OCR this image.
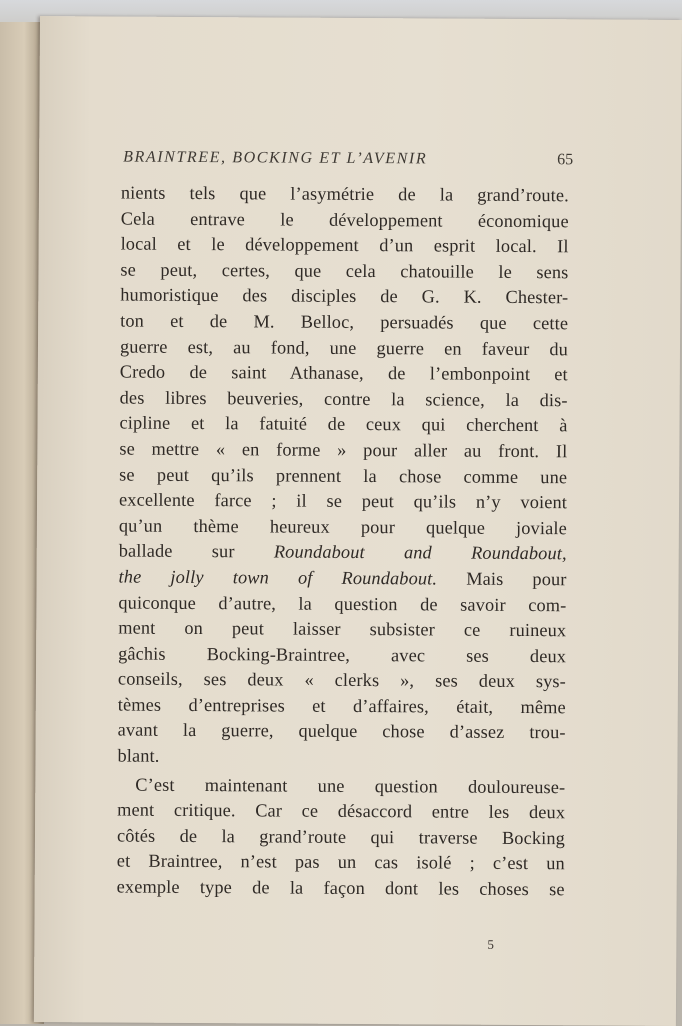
BRAINTREE, BOCKING ET L’AVENIR	65
nients tels que l’asymétrie de la grand’route.
Cela entrave le développement économique
local et le développement d’un esprit local. Il
se peut, certes, que cela chatouille le sens
humoristique des disciples de G. K. Chester-
ton et de M. Belloc, persuadés que cette
guerre est, au fond, une guerre en faveur du
Credo de saint Athanase, de l’embonpoint et
des libres beuveries, contre la science, la dis-
cipline et la fatuité de ceux qui cherchent à
se mettre « en forme » pour aller au front. Il
se peut qu’ils prennent la chose comme une
excellente farce ; il se peut qu’ils n’y voient
qu’un thème heureux pour quelque joviale
ballade sur Roundabout and Roundabout,
the jolly town of Roundabout. Mais pour
quiconque d’autre, la question de savoir com-
ment on peut laisser subsister ce ruineux
gâchis Bocking-Braintree, avec ses deux
conseils, ses deux « clerks », ses deux sys-
tèmes d’entreprises et d’affaires, était, même
avant la guerre, quelque chose d’assez trou-
blant.
C’est maintenant une question douloureuse-
ment critique. Car ce désaccord entre les deux
côtés de la grand’route qui traverse Bocking
et Braintree, n’est pas un cas isolé ; c’est un
exemple type de la façon dont les choses se
5
